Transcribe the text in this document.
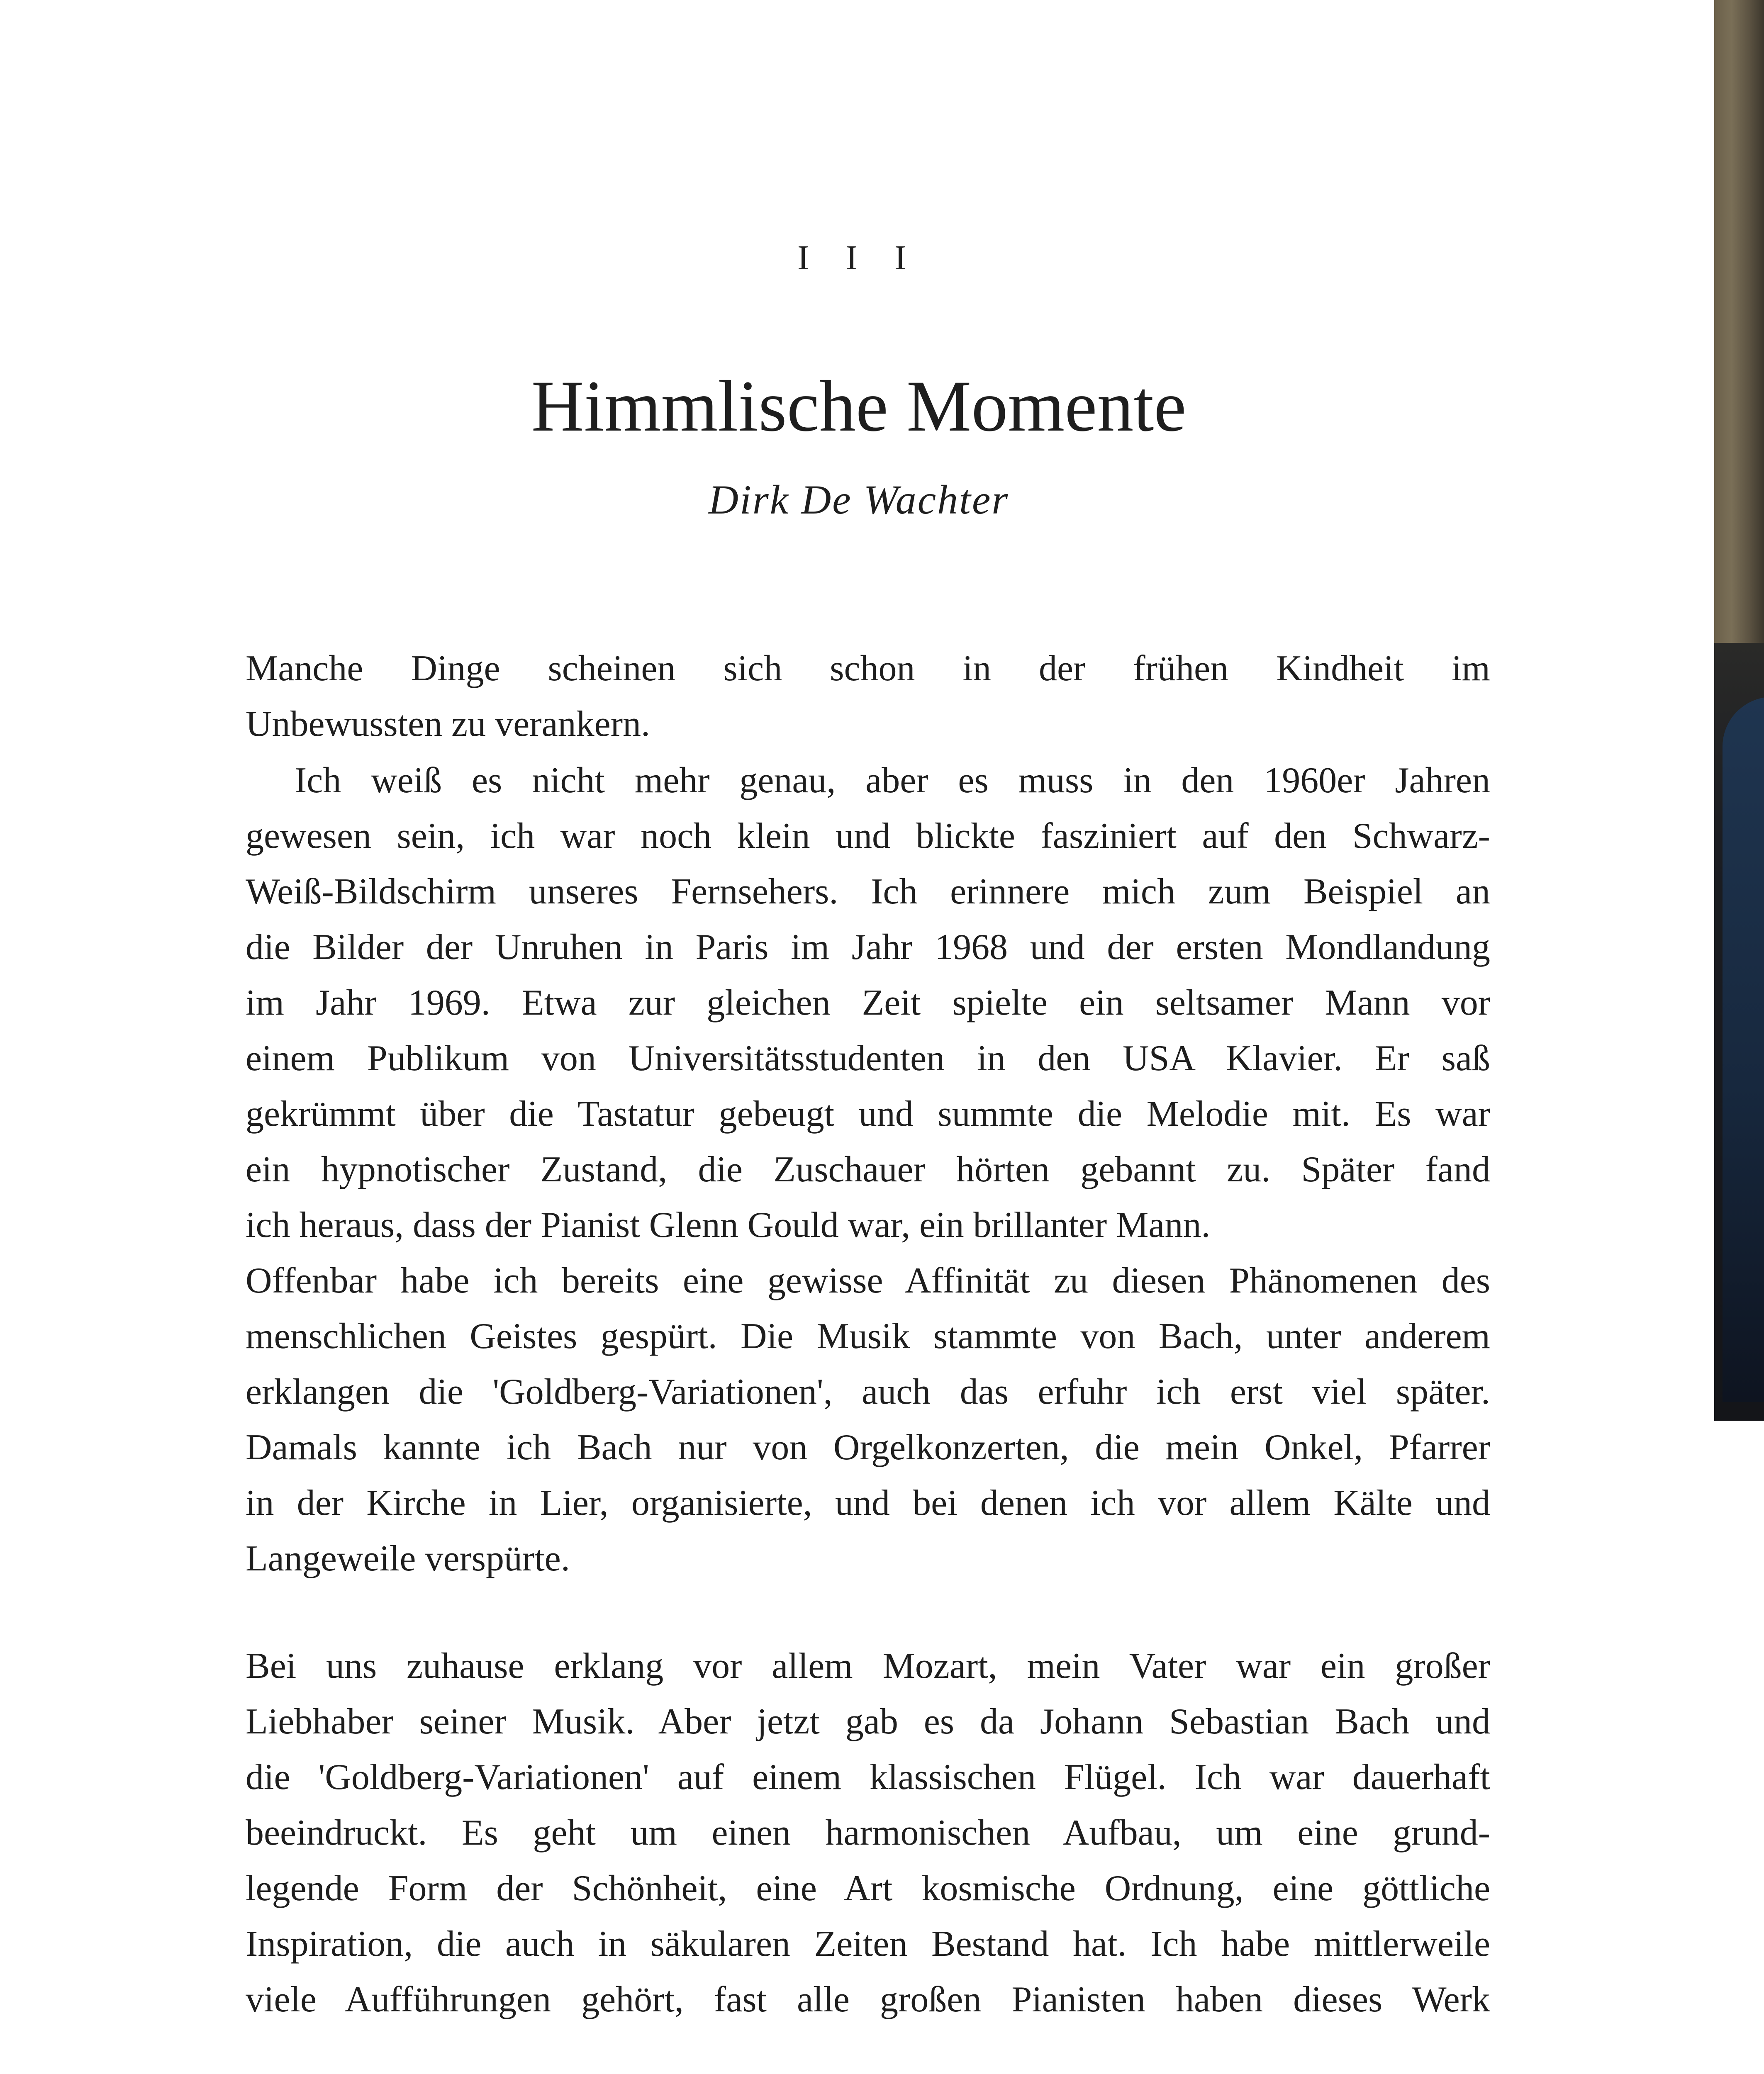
I I I
Himmlische Momente
Dirk De Wachter

Manche Dinge scheinen sich schon in der frühen Kindheit im
Unbewussten zu verankern.

Ich weiß es nicht mehr genau, aber es muss in den 1960er Jahren
gewesen sein, ich war noch klein und blickte fasziniert auf den Schwarz-
Weiß-Bildschirm unseres Fernsehers. Ich erinnere mich zum Beispiel an
die Bilder der Unruhen in Paris im Jahr 1968 und der ersten Mondlandung
im Jahr 1969. Etwa zur gleichen Zeit spielte ein seltsamer Mann vor
einem Publikum von Universitätsstudenten in den USA Klavier. Er saß
gekrümmt über die Tastatur gebeugt und summte die Melodie mit. Es war
ein hypnotischer Zustand, die Zuschauer hörten gebannt zu. Später fand
ich heraus, dass der Pianist Glenn Gould war, ein brillanter Mann.
Offenbar habe ich bereits eine gewisse Affinität zu diesen Phänomenen des
menschlichen Geistes gespürt. Die Musik stammte von Bach, unter anderem
erklangen die 'Goldberg-Variationen', auch das erfuhr ich erst viel später.
Damals kannte ich Bach nur von Orgelkonzerten, die mein Onkel, Pfarrer
in der Kirche in Lier, organisierte, und bei denen ich vor allem Kälte und
Langeweile verspürte.

Bei uns zuhause erklang vor allem Mozart, mein Vater war ein großer
Liebhaber seiner Musik. Aber jetzt gab es da Johann Sebastian Bach und
die 'Goldberg-Variationen' auf einem klassischen Flügel. Ich war dauerhaft
beeindruckt. Es geht um einen harmonischen Aufbau, um eine grund-
legende Form der Schönheit, eine Art kosmische Ordnung, eine göttliche
Inspiration, die auch in säkularen Zeiten Bestand hat. Ich habe mittlerweile
viele Aufführungen gehört, fast alle großen Pianisten haben dieses Werk
